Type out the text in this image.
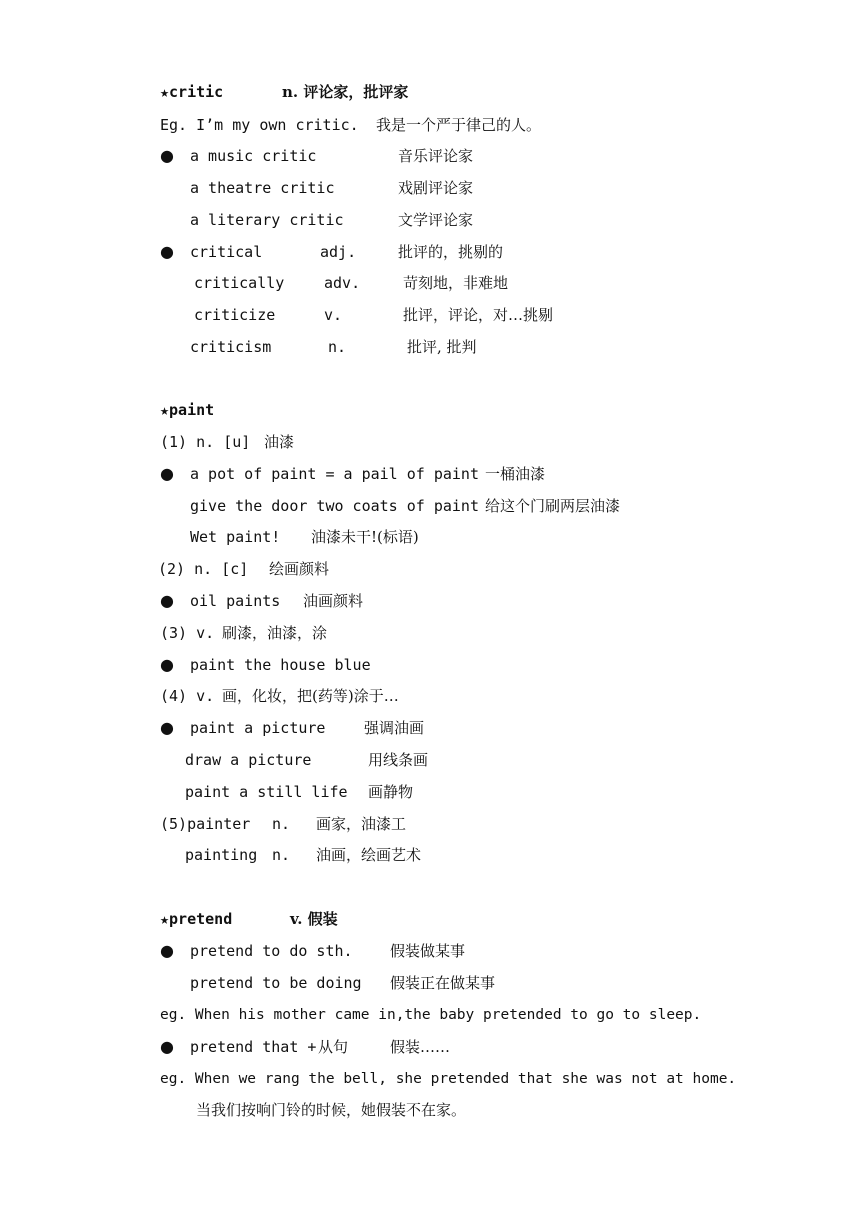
★critic	n. 评论家，批评家
Eg. I’m my own critic. 我是一个严于律己的人。
● a music critic	音乐评论家
a theatre critic	戏剧评论家
a literary critic	文学评论家
● critical	adj.	批评的，挑剔的
critically	adv.	苛刻地，非难地
criticize	v.	批评，评论，对…挑剔
criticism	n.	批评, 批判
★paint
(1) n. [u] 油漆
● a pot of paint = a pail of paint 一桶油漆
give the door two coats of paint 给这个门刷两层油漆
Wet paint! 油漆未干!(标语)
(2) n. [c] 绘画颜料
● oil paints 油画颜料
(3) v. 刷漆，油漆，涂
● paint the house blue
(4) v. 画，化妆，把(药等)涂于…
● paint a picture	强调油画
draw a picture	用线条画
paint a still life 画静物
(5)painter n. 画家，油漆工
painting n. 油画，绘画艺术
★pretend	v. 假装
● pretend to do sth. 假装做某事
pretend to be doing 假装正在做某事
eg. When his mother came in,the baby pretended to go to sleep.
● pretend that + 从句	假装……
eg. When we rang the bell, she pretended that she was not at home.
当我们按响门铃的时候，她假装不在家。
